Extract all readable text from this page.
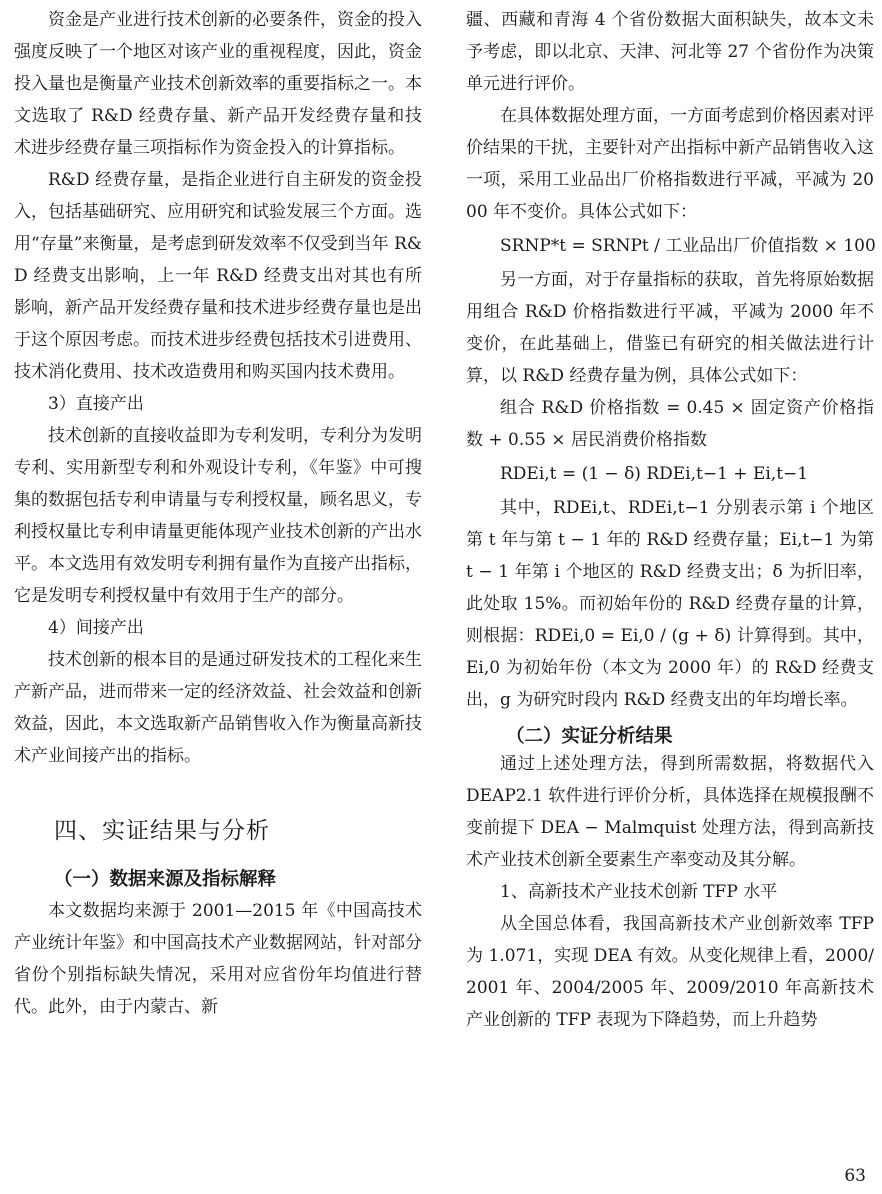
资金是产业进行技术创新的必要条件，资金的投入强度反映了一个地区对该产业的重视程度，因此，资金投入量也是衡量产业技术创新效率的重要指标之一。本文选取了 R&D 经费存量、新产品开发经费存量和技术进步经费存量三项指标作为资金投入的计算指标。

R&D 经费存量，是指企业进行自主研发的资金投入，包括基础研究、应用研究和试验发展三个方面。选用“存量”来衡量，是考虑到研发效率不仅受到当年 R&D 经费支出影响，上一年 R&D 经费支出对其也有所影响，新产品开发经费存量和技术进步经费存量也是出于这个原因考虑。而技术进步经费包括技术引进费用、技术消化费用、技术改造费用和购买国内技术费用。

3）直接产出

技术创新的直接收益即为专利发明，专利分为发明专利、实用新型专利和外观设计专利，《年鉴》中可搜集的数据包括专利申请量与专利授权量，顾名思义，专利授权量比专利申请量更能体现产业技术创新的产出水平。本文选用有效发明专利拥有量作为直接产出指标，它是发明专利授权量中有效用于生产的部分。

4）间接产出

技术创新的根本目的是通过研发技术的工程化来生产新产品，进而带来一定的经济效益、社会效益和创新效益，因此，本文选取新产品销售收入作为衡量高新技术产业间接产出的指标。

四、实证结果与分析
（一）数据来源及指标解释

本文数据均来源于 2001—2015 年《中国高技术产业统计年鉴》和中国高技术产业数据网站，针对部分省份个别指标缺失情况，采用对应省份年均值进行替代。此外，由于内蒙古、新

疆、西藏和青海 4 个省份数据大面积缺失，故本文未予考虑，即以北京、天津、河北等 27 个省份作为决策单元进行评价。

在具体数据处理方面，一方面考虑到价格因素对评价结果的干扰，主要针对产出指标中新产品销售收入这一项，采用工业品出厂价格指数进行平减，平减为 2000 年不变价。具体公式如下：

SRNP*t = SRNPt / 工业品出厂价值指数 × 100

另一方面，对于存量指标的获取，首先将原始数据用组合 R&D 价格指数进行平减，平减为 2000 年不变价，在此基础上，借鉴已有研究的相关做法进行计算，以 R&D 经费存量为例，具体公式如下：

组合 R&D 价格指数 = 0.45 × 固定资产价格指数 + 0.55 × 居民消费价格指数

RDEi,t = (1 − δ) RDEi,t−1 + Ei,t−1

其中，RDEi,t、RDEi,t−1 分别表示第 i 个地区第 t 年与第 t − 1 年的 R&D 经费存量；Ei,t−1 为第 t − 1 年第 i 个地区的 R&D 经费支出；δ 为折旧率，此处取 15%。而初始年份的 R&D 经费存量的计算，则根据：RDEi,0 = Ei,0 / (g + δ) 计算得到。其中，Ei,0 为初始年份（本文为 2000 年）的 R&D 经费支出，g 为研究时段内 R&D 经费支出的年均增长率。

（二）实证分析结果

通过上述处理方法，得到所需数据，将数据代入 DEAP2.1 软件进行评价分析，具体选择在规模报酬不变前提下 DEA − Malmquist 处理方法，得到高新技术产业技术创新全要素生产率变动及其分解。

1、高新技术产业技术创新 TFP 水平

从全国总体看，我国高新技术产业创新效率 TFP 为 1.071，实现 DEA 有效。从变化规律上看，2000/2001 年、2004/2005 年、2009/2010 年高新技术产业创新的 TFP 表现为下降趋势，而上升趋势

63
